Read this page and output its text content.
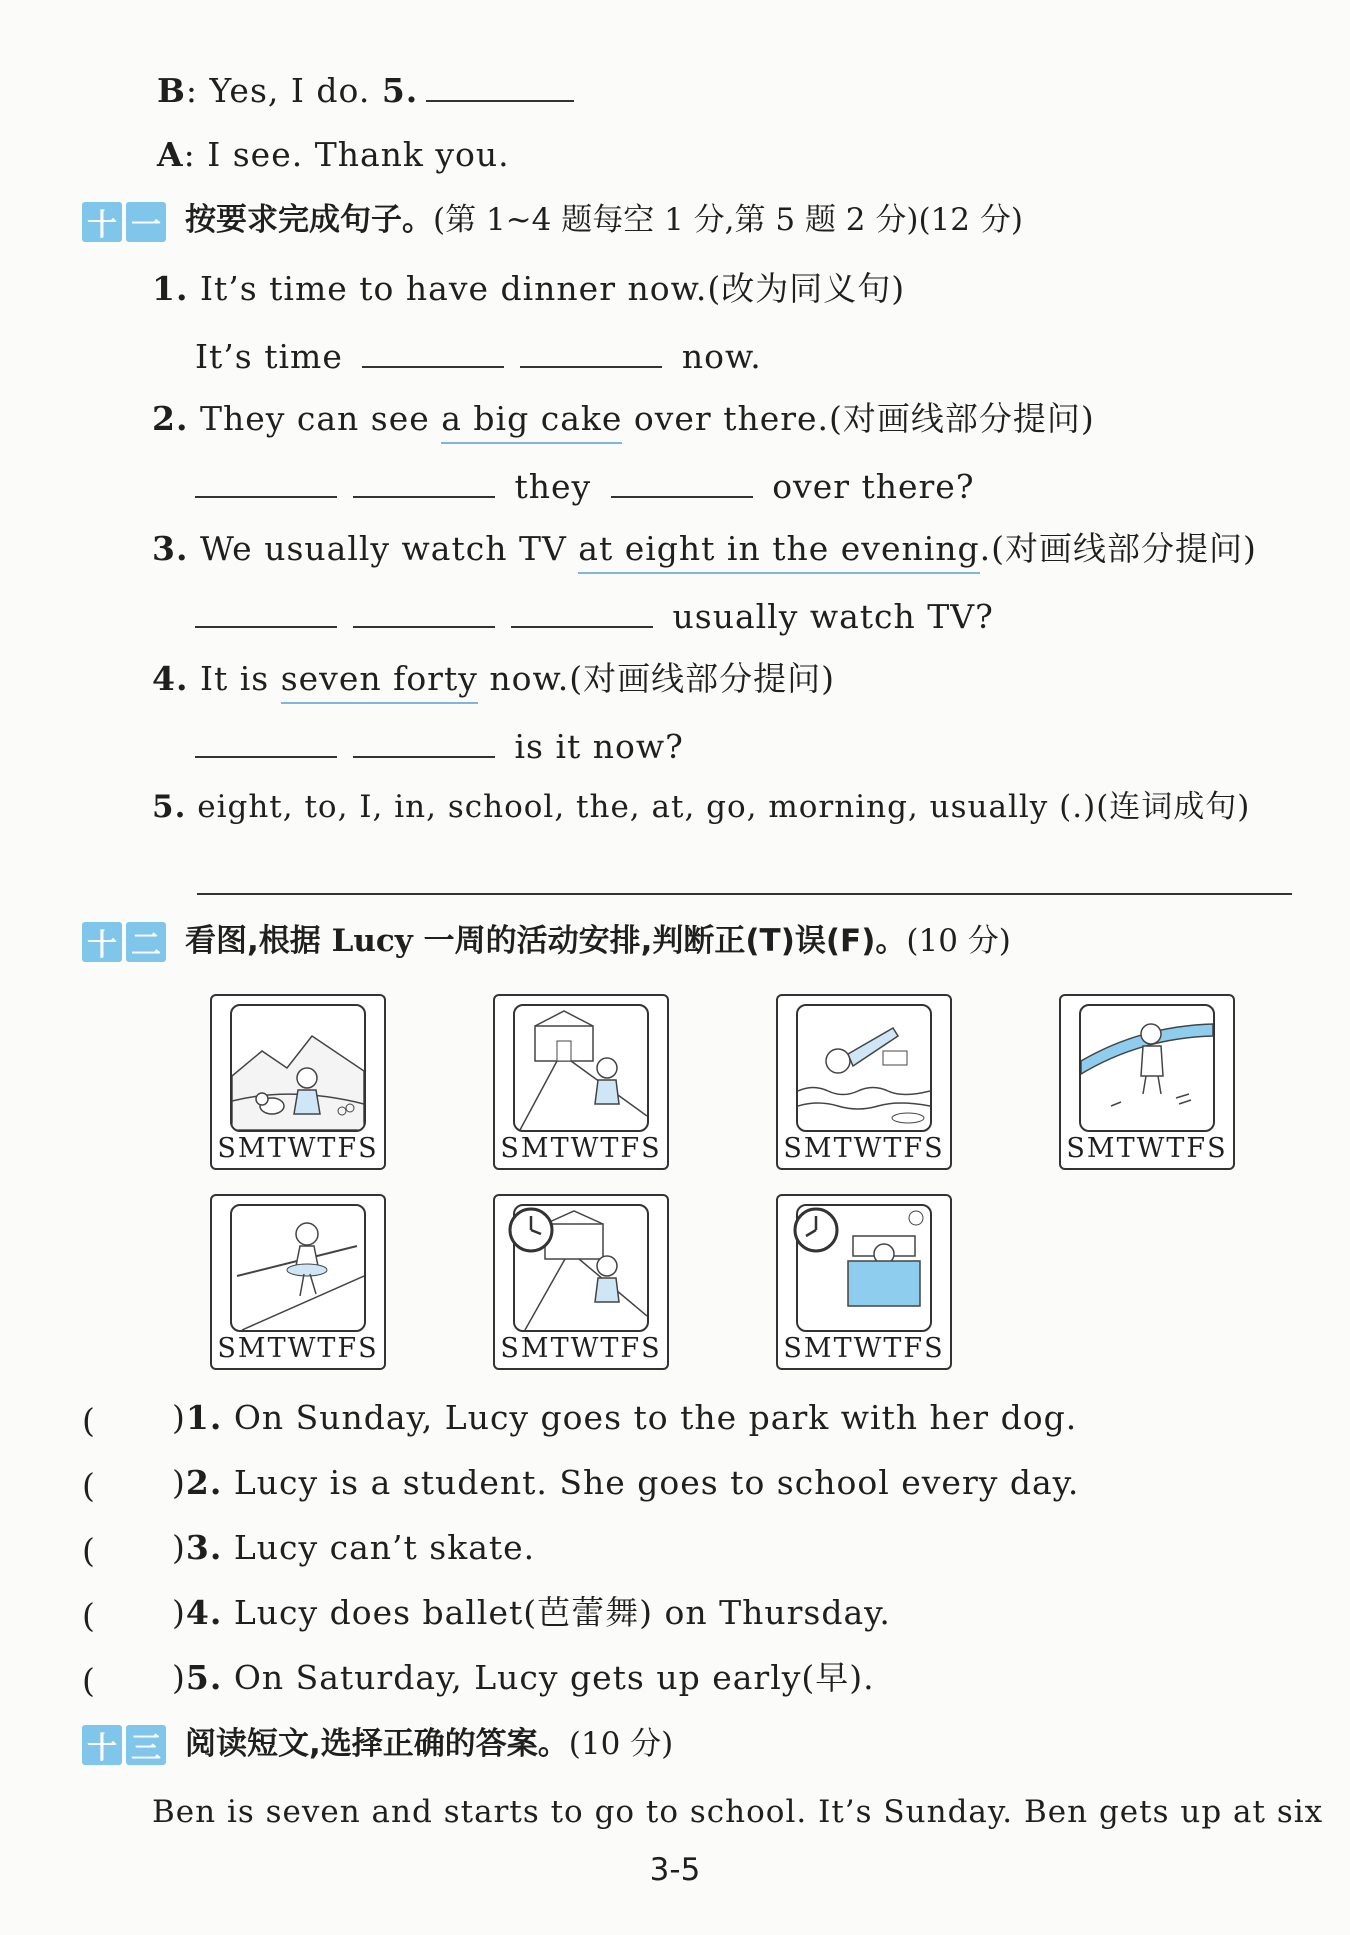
B: Yes, I do. 5.
A: I see. Thank you.
十 一 按要求完成句子。(第 1~4 题每空 1 分,第 5 题 2 分)(12 分)
1. It’s time to have dinner now.(改为同义句)
It’s time	now.
2. They can see a big cake over there.(对画线部分提问)
they	over there?
3. We usually watch TV at eight in the evening.(对画线部分提问)
usually watch TV?
4. It is seven forty now.(对画线部分提问)
is it now?
5. eight, to, I, in, school, the, at, go, morning, usually (.)(连词成句)
十 二 看图,根据 Lucy 一周的活动安排,判断正(T)误(F)。(10 分)
SMTWTFS	SMTWTFS	SMTWTFS	SMTWTFS
SMTWTFS	SMTWTFS	SMTWTFS
( )1. On Sunday, Lucy goes to the park with her dog.
( )2. Lucy is a student. She goes to school every day.
( )3. Lucy can’t skate.
( )4. Lucy does ballet(芭蕾舞) on Thursday.
( )5. On Saturday, Lucy gets up early(早).
十 三 阅读短文,选择正确的答案。(10 分)
Ben is seven and starts to go to school. It’s Sunday. Ben gets up at six
3-5
